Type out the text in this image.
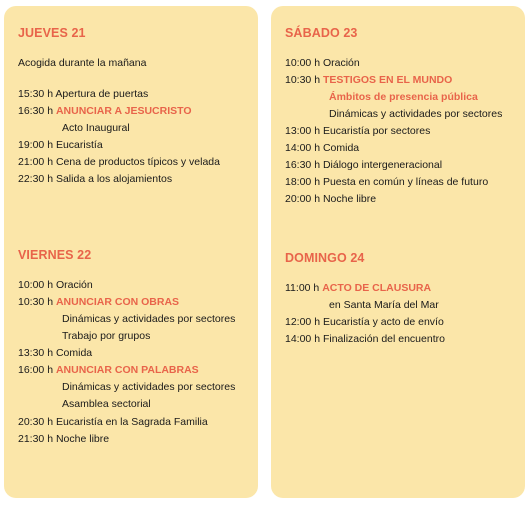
JUEVES 21
Acogida durante la mañana
15:30 h Apertura de puertas
16:30 h ANUNCIAR A JESUCRISTO
Acto Inaugural
19:00 h Eucaristía
21:00 h Cena de productos típicos y velada
22:30 h Salida a los alojamientos
VIERNES 22
10:00 h Oración
10:30 h ANUNCIAR CON OBRAS
Dinámicas y actividades por sectores
Trabajo por grupos
13:30 h Comida
16:00 h ANUNCIAR CON PALABRAS
Dinámicas y actividades por sectores
Asamblea sectorial
20:30 h Eucaristía en la Sagrada Familia
21:30 h Noche libre
SÁBADO 23
10:00 h Oración
10:30 h TESTIGOS EN EL MUNDO
Ámbitos de presencia pública
Dinámicas y actividades por sectores
13:00 h Eucaristía por sectores
14:00 h Comida
16:30 h Diálogo intergeneracional
18:00 h Puesta en común y líneas de futuro
20:00 h Noche libre
DOMINGO 24
11:00 h ACTO DE CLAUSURA
en Santa María del Mar
12:00 h Eucaristía y acto de envío
14:00 h Finalización del encuentro
